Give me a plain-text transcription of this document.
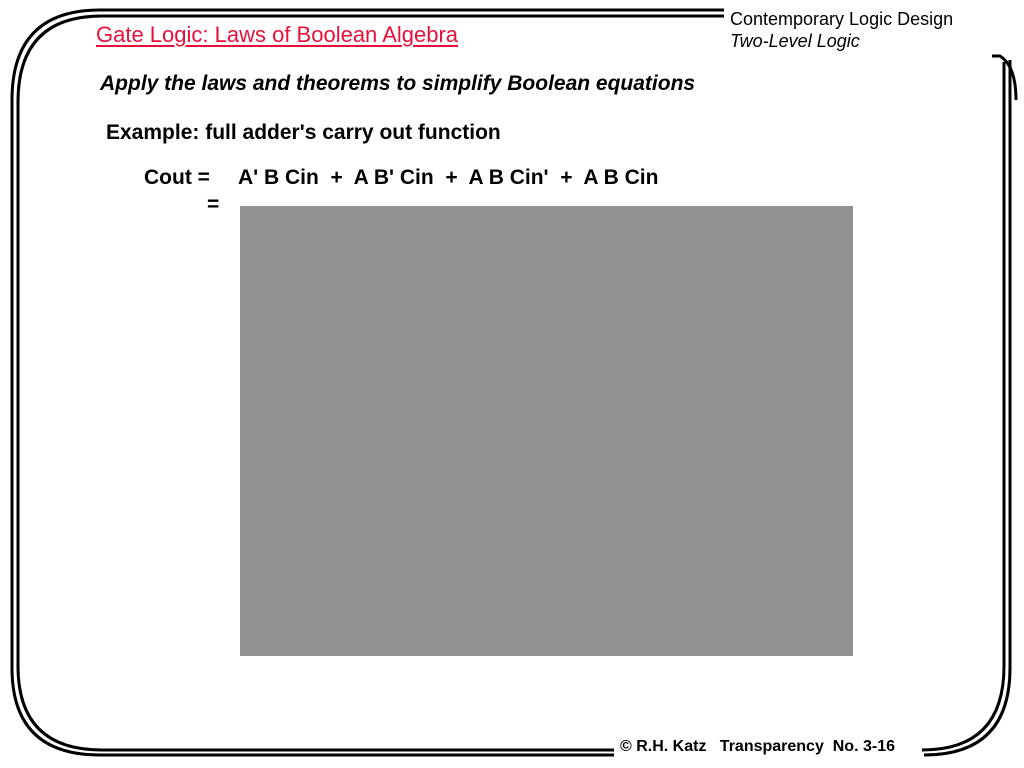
Gate Logic: Laws of Boolean Algebra
Contemporary Logic Design
Two-Level Logic
Apply the laws and theorems to simplify Boolean equations
Example: full adder's carry out function
Cout = A' B Cin  +  A B' Cin  +  A B Cin'  +  A B Cin
=
© R.H. Katz   Transparency  No. 3-16
